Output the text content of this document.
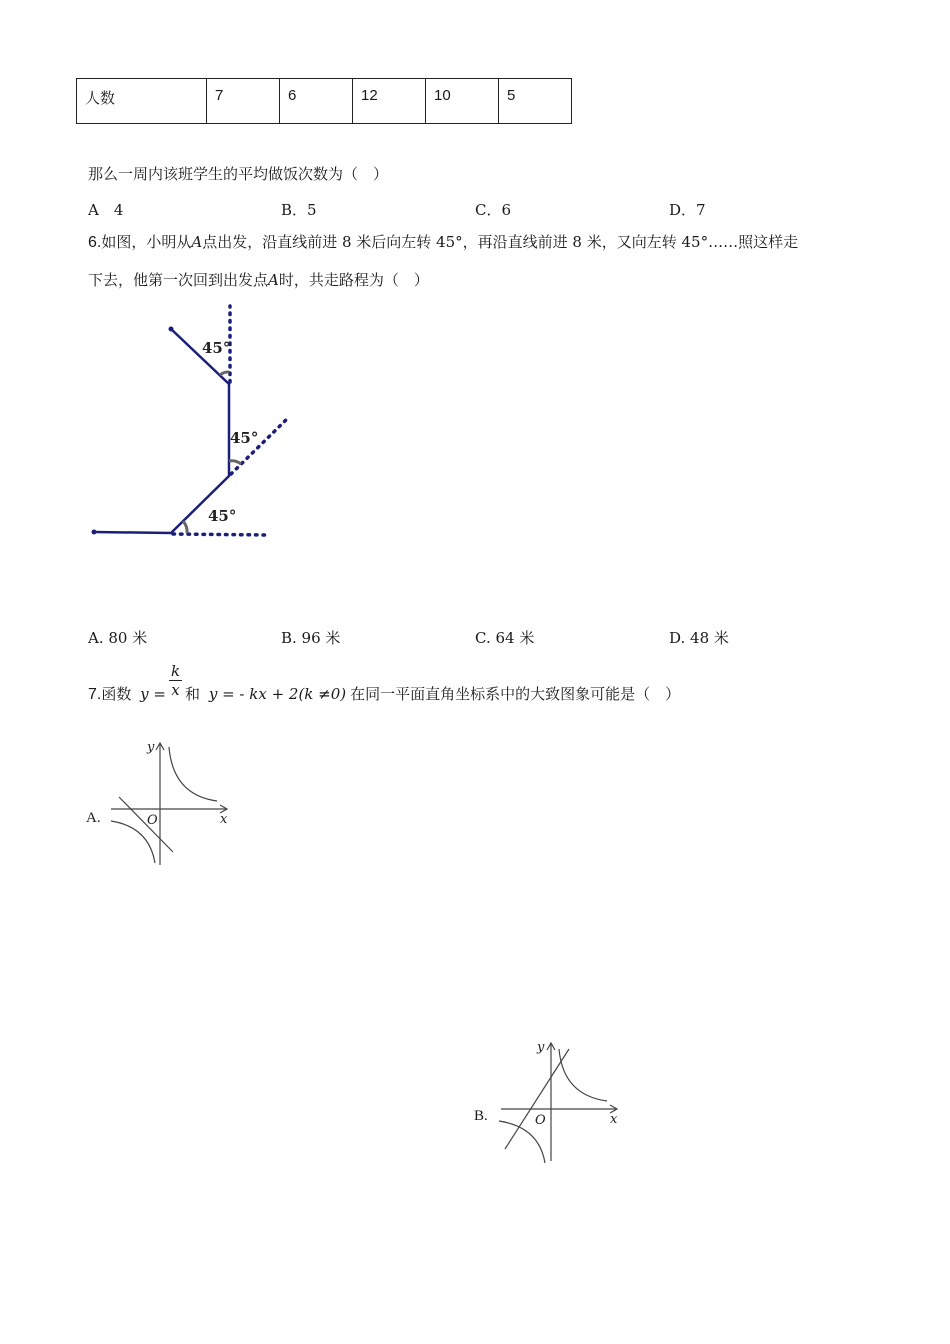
人数	7	6	12	10	5
那么一周内该班学生的平均做饭次数为（　）
A　4	B．5	C．6	D．7
6.如图，小明从A点出发，沿直线前进 8 米后向左转 45°，再沿直线前进 8 米，又向左转 45°……照这样走
下去，他第一次回到出发点A时，共走路程为（　）
45°
45°
45°
A. 80 米	B. 96 米	C. 64 米	D. 48 米
7.函数 $y = \frac{k}{x}$ 和 y = - kx + 2(k ≠0) 在同一平面直角坐标系中的大致图象可能是（　）
A.
y
x
O
B.
y
x
O
